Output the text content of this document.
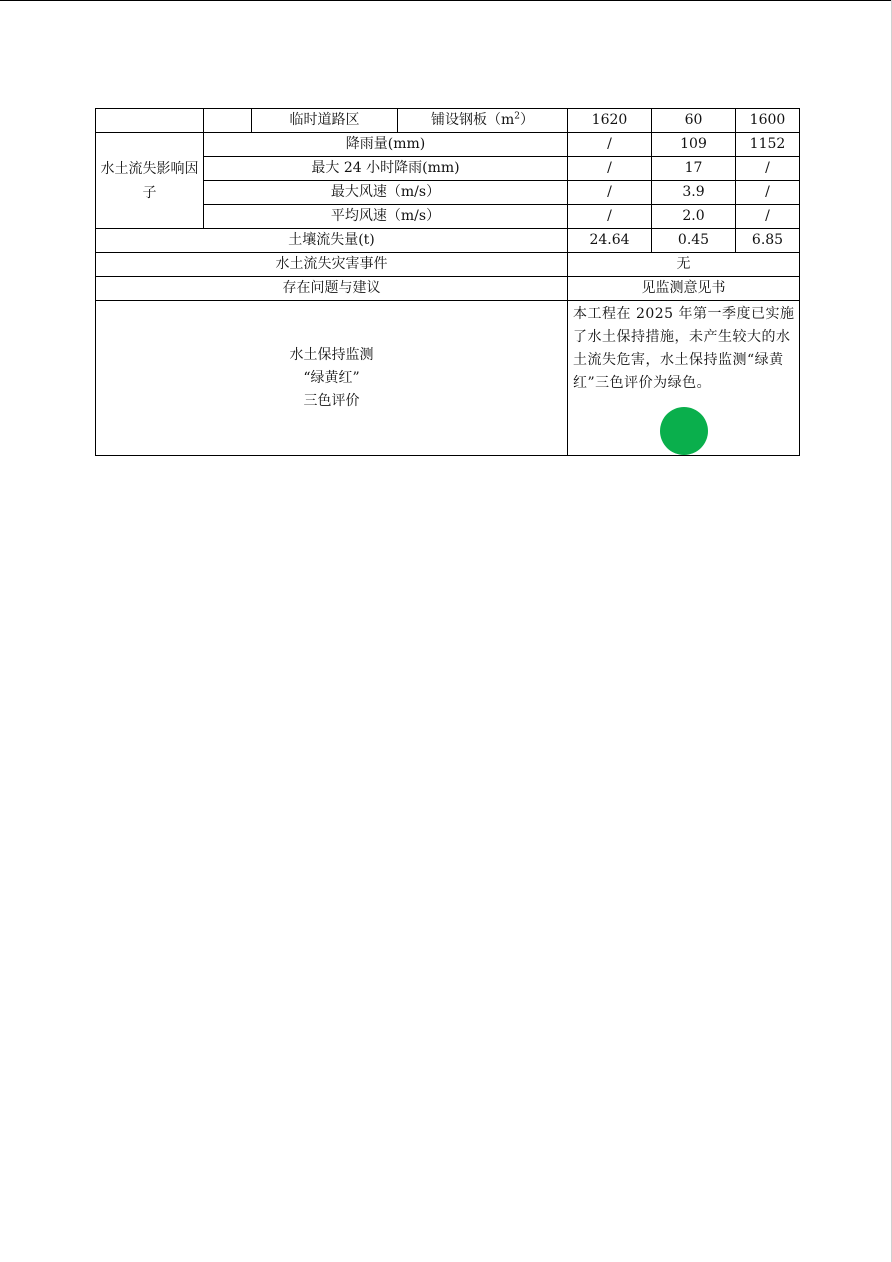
		临时道路区	铺设钢板$(m^2)$	1620	60	1600
水土流失影响因子	降雨量(mm)			/	109	1152
	最大 24 小时降雨(mm)			/	17	/
	最大风速（m/s）			/	3.9	/
	平均风速（m/s）			/	2.0	/
土壤流失量(t)				24.64	0.45	6.85
水土流失灾害事件				无		
存在问题与建议				见监测意见书		

水土保持监测
“绿黄红”
三色评价				本工程在 2025 年第一季度已实施了水土保持措施，未产生较大的水土流失危害，水土保持监测“绿黄红”三色评价为绿色。		
